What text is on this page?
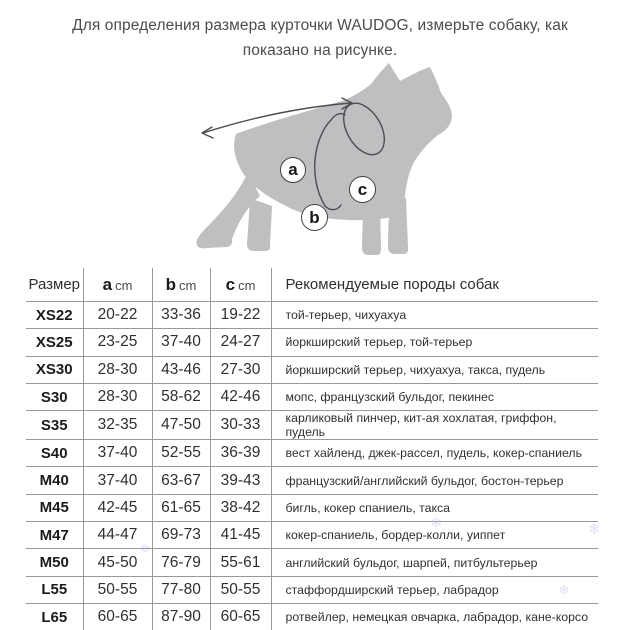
Для определения размера курточки WAUDOG, измерьте собаку, как показано на рисунке.

a
b
c
Размер	a cm	b cm	c cm	Рекомендуемые породы собак
XS22	20-22	33-36	19-22	той-терьер, чихуахуа
XS25	23-25	37-40	24-27	йоркширский терьер, той-терьер
XS30	28-30	43-46	27-30	йоркширский терьер, чихуахуа, такса, пудель
S30	28-30	58-62	42-46	мопс, французский бульдог, пекинес
S35	32-35	47-50	30-33	карликовый пинчер, кит-ая хохлатая, гриффон, пудель
S40	37-40	52-55	36-39	вест хайленд, джек-рассел, пудель, кокер-спаниель
M40	37-40	63-67	39-43	французский/английский бульдог, бостон-терьер
M45	42-45	61-65	38-42	бигль, кокер спаниель, такса
M47	44-47	69-73	41-45	кокер-спаниель, бордер-колли, уиппет
M50	45-50	76-79	55-61	английский бульдог, шарпей, питбультерьер
L55	50-55	77-80	50-55	стаффордширский терьер, лабрадор
L65	60-65	87-90	60-65	ротвейлер, немецкая овчарка, лабрадор, кане-корсо
❄	❄
❄
❄
